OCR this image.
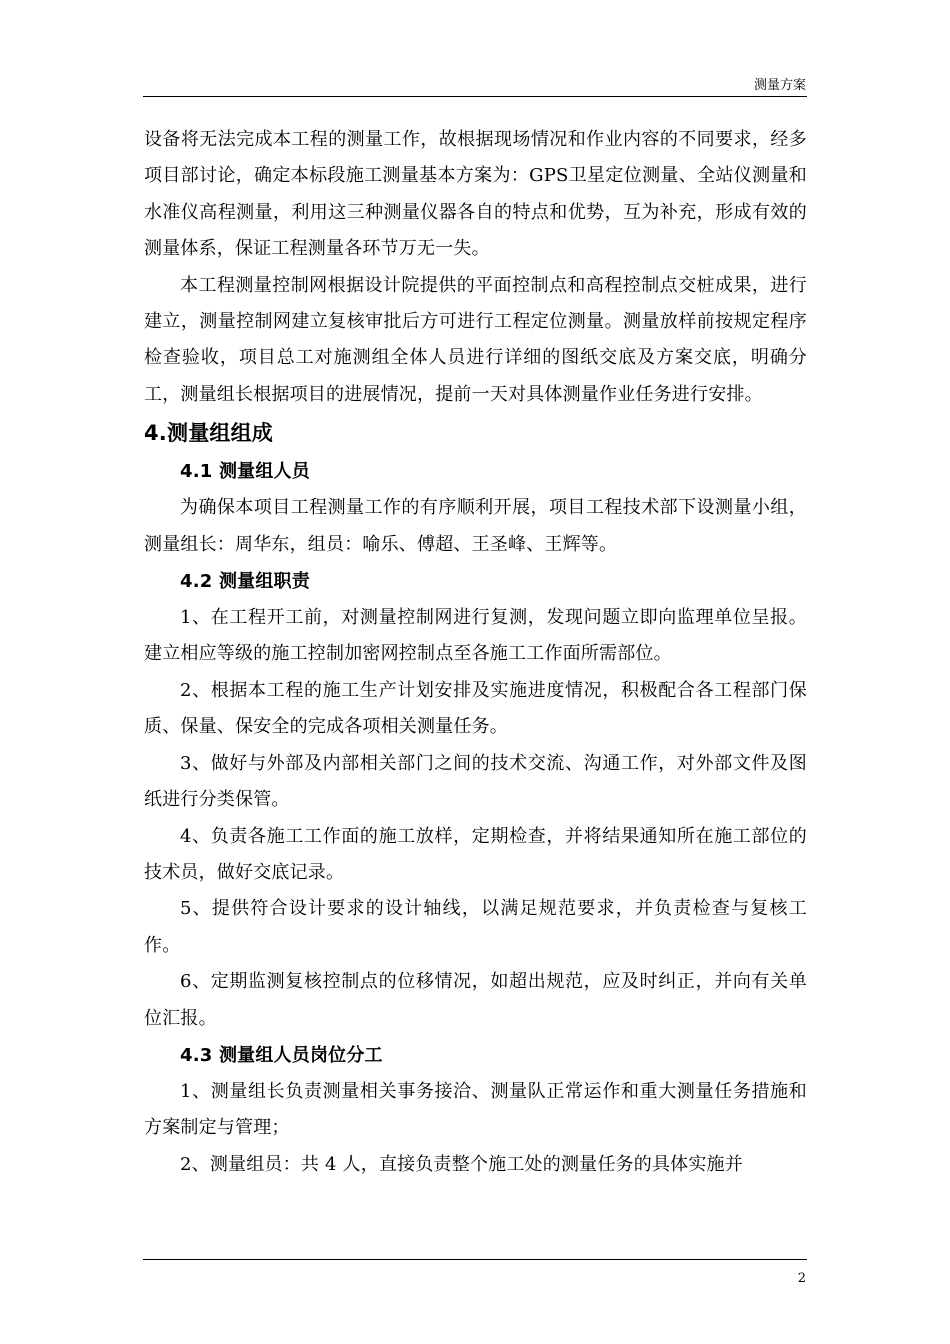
测量方案

设备将无法完成本工程的测量工作，故根据现场情况和作业内容的不同要求，经多项目部讨论，确定本标段施工测量基本方案为：GPS卫星定位测量、全站仪测量和水准仪高程测量，利用这三种测量仪器各自的特点和优势，互为补充，形成有效的测量体系，保证工程测量各环节万无一失。

本工程测量控制网根据设计院提供的平面控制点和高程控制点交桩成果，进行建立，测量控制网建立复核审批后方可进行工程定位测量。测量放样前按规定程序检查验收，项目总工对施测组全体人员进行详细的图纸交底及方案交底，明确分工，测量组长根据项目的进展情况，提前一天对具体测量作业任务进行安排。

4.测量组组成
4.1 测量组人员

为确保本项目工程测量工作的有序顺利开展，项目工程技术部下设测量小组，测量组长：周华东，组员：喻乐、傅超、王圣峰、王辉等。

4.2 测量组职责

1、在工程开工前，对测量控制网进行复测，发现问题立即向监理单位呈报。建立相应等级的施工控制加密网控制点至各施工工作面所需部位。

2、根据本工程的施工生产计划安排及实施进度情况，积极配合各工程部门保质、保量、保安全的完成各项相关测量任务。

3、做好与外部及内部相关部门之间的技术交流、沟通工作，对外部文件及图纸进行分类保管。

4、负责各施工工作面的施工放样，定期检查，并将结果通知所在施工部位的技术员，做好交底记录。

5、提供符合设计要求的设计轴线，以满足规范要求，并负责检查与复核工作。

6、定期监测复核控制点的位移情况，如超出规范，应及时纠正，并向有关单位汇报。

4.3 测量组人员岗位分工

1、测量组长负责测量相关事务接洽、测量队正常运作和重大测量任务措施和方案制定与管理；

2、测量组员：共 4 人，直接负责整个施工处的测量任务的具体实施并

2
